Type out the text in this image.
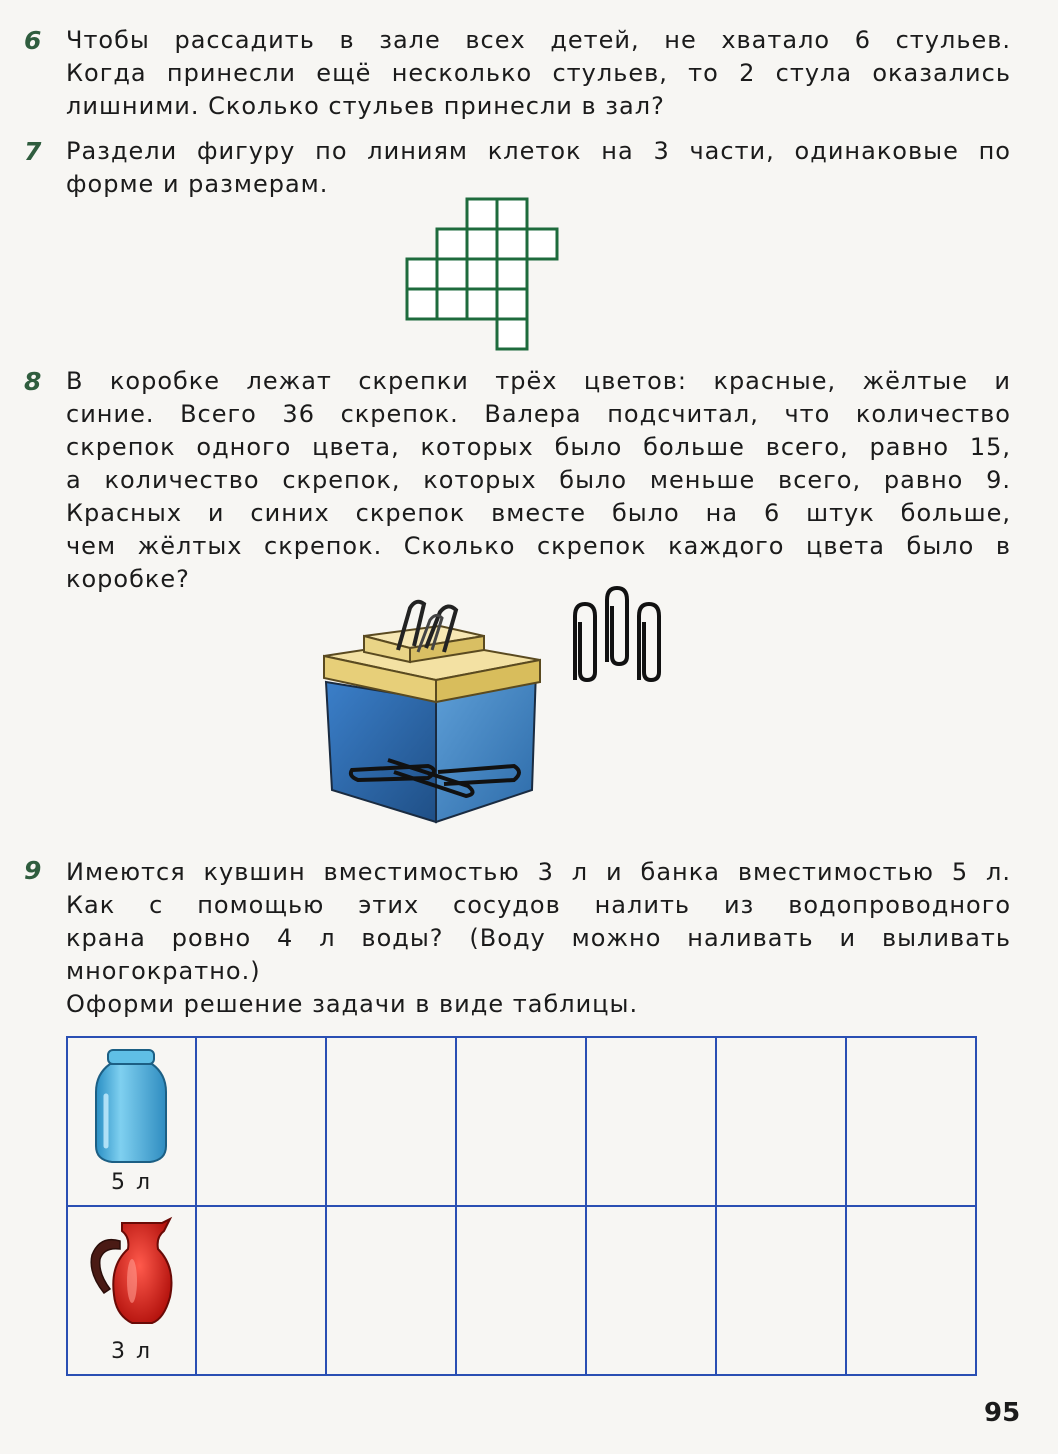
6 Чтобы рассадить в зале всех детей, не хватало 6 стульев.
Когда принесли ещё несколько стульев, то 2 стула оказались
лишними. Сколько стульев принесли в зал?
7 Раздели фигуру по линиям клеток на 3 части, одинаковые по
форме и размерам.
8 В коробке лежат скрепки трёх цветов: красные, жёлтые и
синие. Всего 36 скрепок. Валера подсчитал, что количество
скрепок одного цвета, которых было больше всего, равно 15,
а количество скрепок, которых было меньше всего, равно 9.
Красных и синих скрепок вместе было на 6 штук больше,
чем жёлтых скрепок. Сколько скрепок каждого цвета было в
коробке?
9 Имеются кувшин вместимостью 3 л и банка вместимостью 5 л.
Как с помощью этих сосудов налить из водопроводного
крана ровно 4 л воды? (Воду можно наливать и выливать
многократно.)
Оформи решение задачи в виде таблицы.
5 л						

3 л						

95
